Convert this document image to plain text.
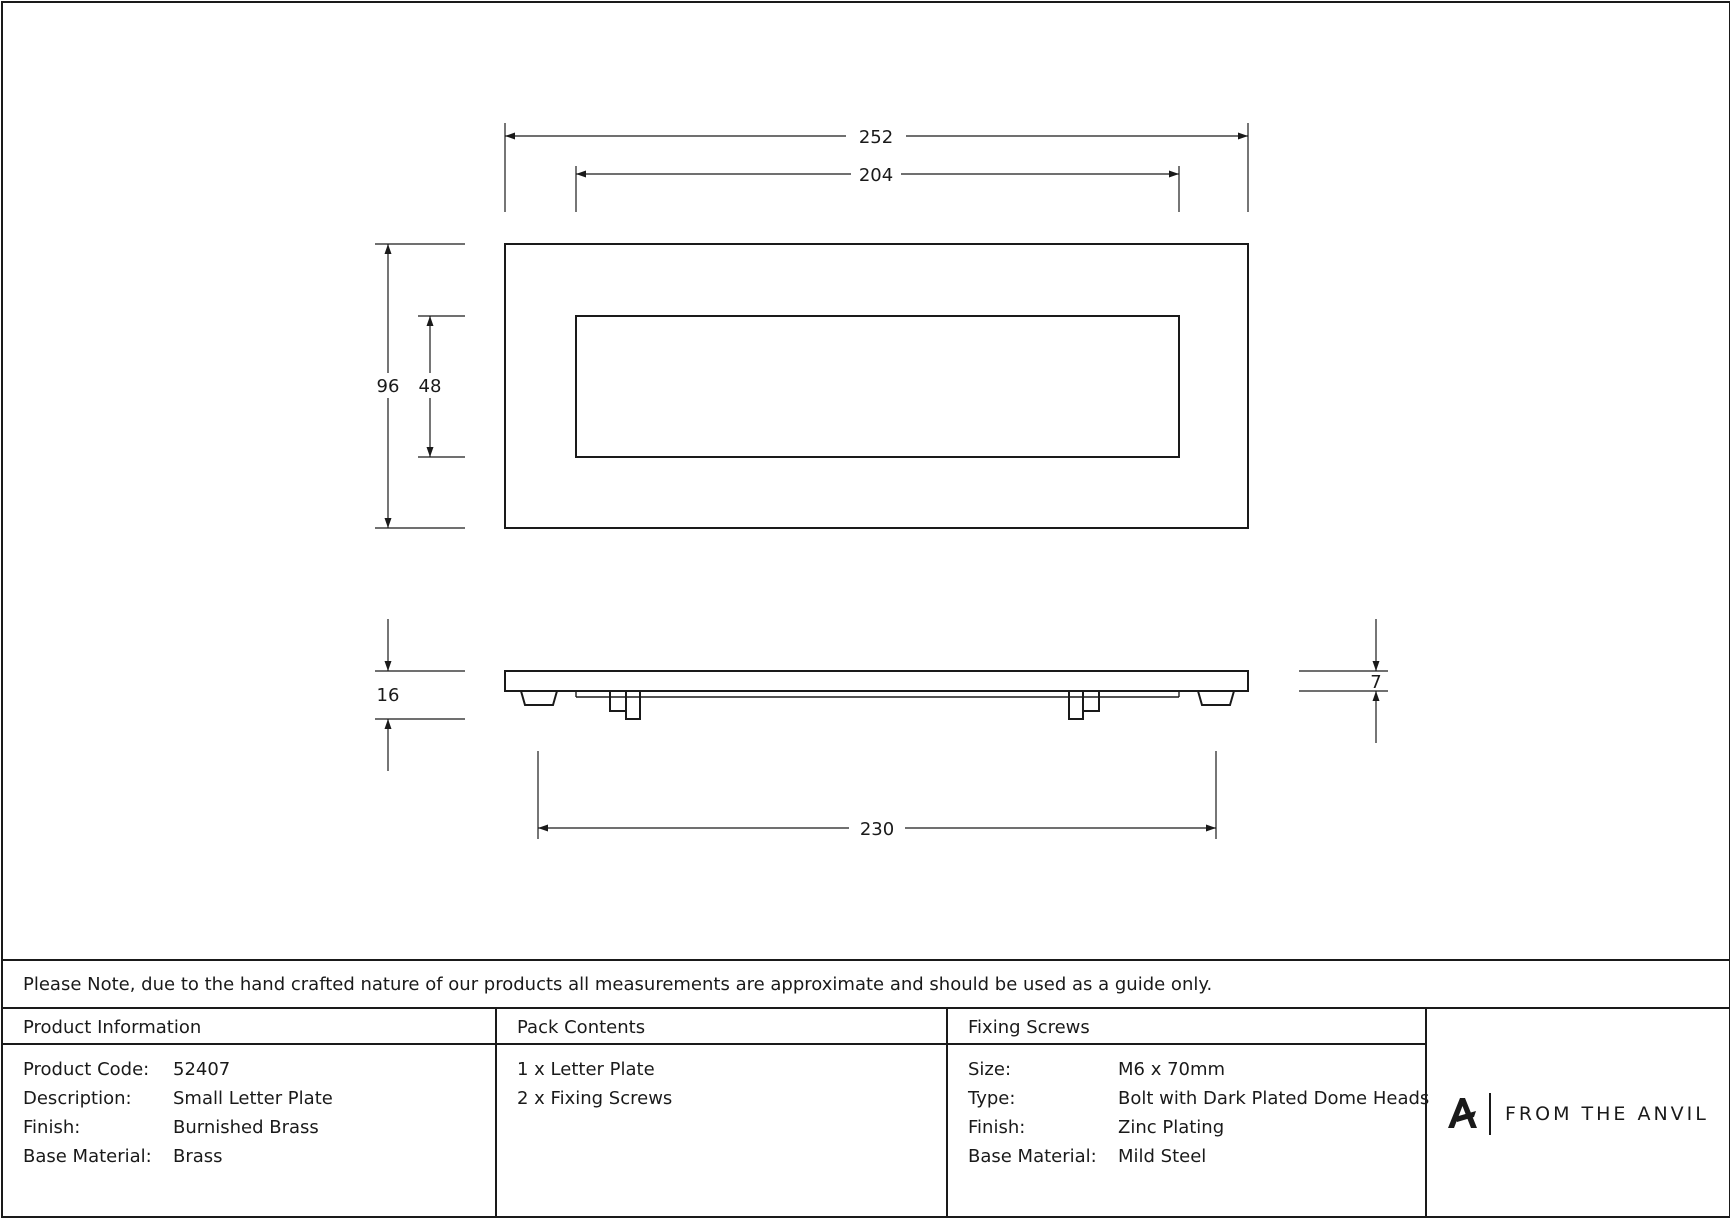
252
204
96 48
16
7
230
Please Note, due to the hand crafted nature of our products all measurements are approximate and should be used as a guide only.
Product Information
Product Code: 52407
Description: Small Letter Plate
Finish:	Burnished Brass
Base Material: Brass
Pack Contents
1 x Letter Plate
2 x Fixing Screws
Fixing Screws
Size:	M6 x 70mm
Type:	Bolt with Dark Plated Dome Heads
Finish:	Zinc Plating
Base Material: Mild Steel
FROM THE ANVIL
